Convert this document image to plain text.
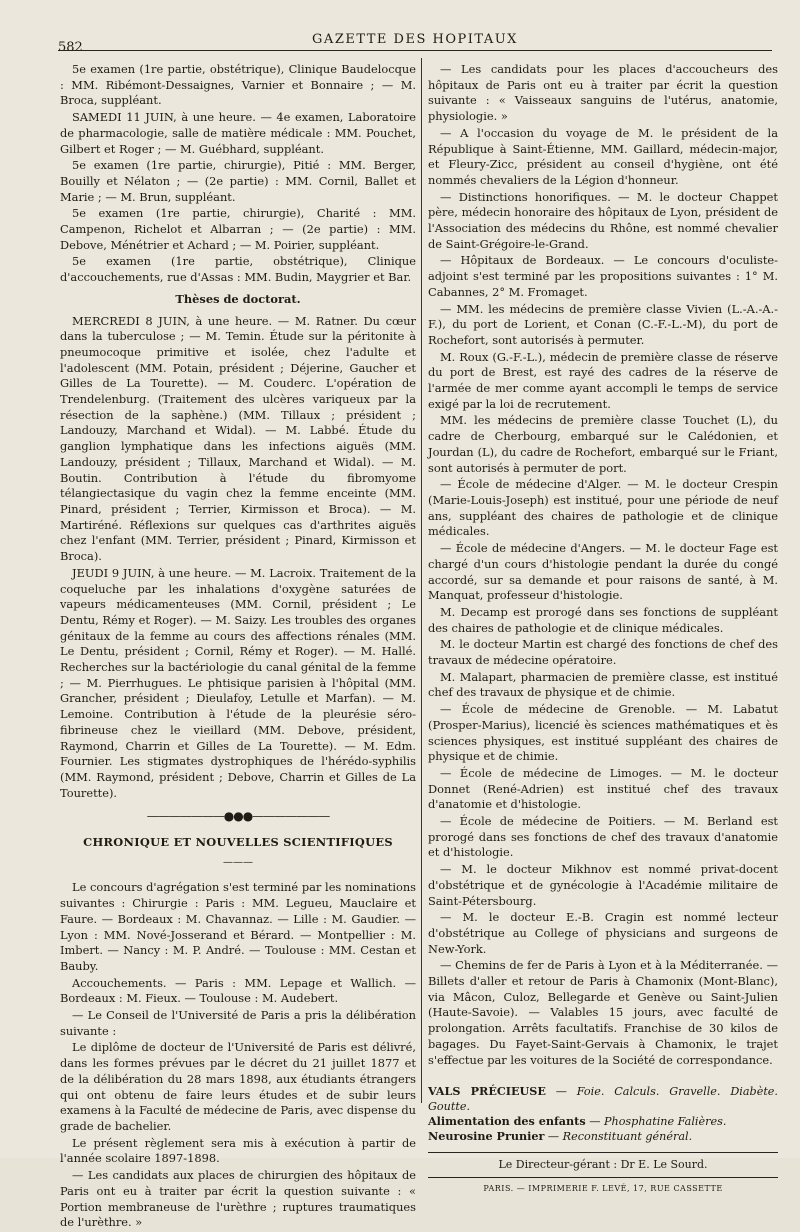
582
GAZETTE DES HOPITAUX

5e examen (1re partie, obstétrique), Clinique Baudelocque : MM. Ribémont-Dessaignes, Varnier et Bonnaire ; — M. Broca, suppléant.

SAMEDI 11 JUIN, à une heure. — 4e examen, Laboratoire de pharmacologie, salle de matière médicale : MM. Pouchet, Gilbert et Roger ; — M. Guébhard, suppléant.

5e examen (1re partie, chirurgie), Pitié : MM. Berger, Bouilly et Nélaton ; — (2e partie) : MM. Cornil, Ballet et Marie ; — M. Brun, suppléant.

5e examen (1re partie, chirurgie), Charité : MM. Campenon, Richelot et Albarran ; — (2e partie) : MM. Debove, Ménétrier et Achard ; — M. Poirier, suppléant.

5e examen (1re partie, obstétrique), Clinique d'accouchements, rue d'Assas : MM. Budin, Maygrier et Bar.

Thèses de doctorat.

MERCREDI 8 JUIN, à une heure. — M. Ratner. Du cœur dans la tuberculose ; — M. Temin. Étude sur la péritonite à pneumocoque primitive et isolée, chez l'adulte et l'adolescent (MM. Potain, président ; Déjerine, Gaucher et Gilles de La Tourette). — M. Couderc. L'opération de Trendelenburg. (Traitement des ulcères variqueux par la résection de la saphène.) (MM. Tillaux ; président ; Landouzy, Marchand et Widal). — M. Labbé. Étude du ganglion lymphatique dans les infections aiguës (MM. Landouzy, président ; Tillaux, Marchand et Widal). — M. Boutin. Contribution à l'étude du fibromyome télangiectasique du vagin chez la femme enceinte (MM. Pinard, président ; Terrier, Kirmisson et Broca). — M. Martiréné. Réflexions sur quelques cas d'arthrites aiguës chez l'enfant (MM. Terrier, président ; Pinard, Kirmisson et Broca).

JEUDI 9 JUIN, à une heure. — M. Lacroix. Traitement de la coqueluche par les inhalations d'oxygène saturées de vapeurs médicamenteuses (MM. Cornil, président ; Le Dentu, Rémy et Roger). — M. Saizy. Les troubles des organes génitaux de la femme au cours des affections rénales (MM. Le Dentu, président ; Cornil, Rémy et Roger). — M. Hallé. Recherches sur la bactériologie du canal génital de la femme ; — M. Pierrhugues. Le phtisique parisien à l'hôpital (MM. Grancher, président ; Dieulafoy, Letulle et Marfan). — M. Lemoine. Contribution à l'étude de la pleurésie séro-fibrineuse chez le vieillard (MM. Debove, président, Raymond, Charrin et Gilles de La Tourette). — M. Edm. Fournier. Les stigmates dystrophiques de l'hérédo-syphilis (MM. Raymond, président ; Debove, Charrin et Gilles de La Tourette).

———————●●●———————

CHRONIQUE ET NOUVELLES SCIENTIFIQUES

———

Le concours d'agrégation s'est terminé par les nominations suivantes : Chirurgie : Paris : MM. Legueu, Mauclaire et Faure. — Bordeaux : M. Chavannaz. — Lille : M. Gaudier. — Lyon : MM. Nové-Josserand et Bérard. — Montpellier : M. Imbert. — Nancy : M. P. André. — Toulouse : MM. Cestan et Bauby.

Accouchements. — Paris : MM. Lepage et Wallich. — Bordeaux : M. Fieux. — Toulouse : M. Audebert.

— Le Conseil de l'Université de Paris a pris la délibération suivante :

Le diplôme de docteur de l'Université de Paris est délivré, dans les formes prévues par le décret du 21 juillet 1877 et de la délibération du 28 mars 1898, aux étudiants étrangers qui ont obtenu de faire leurs études et de subir leurs examens à la Faculté de médecine de Paris, avec dispense du grade de bachelier.

Le présent règlement sera mis à exécution à partir de l'année scolaire 1897-1898.

— Les candidats aux places de chirurgien des hôpitaux de Paris ont eu à traiter par écrit la question suivante : « Portion membraneuse de l'urèthre ; ruptures traumatiques de l'urèthre. »

— Les candidats pour les places d'accoucheurs des hôpitaux de Paris ont eu à traiter par écrit la question suivante : « Vaisseaux sanguins de l'utérus, anatomie, physiologie. »

— A l'occasion du voyage de M. le président de la République à Saint-Étienne, MM. Gaillard, médecin-major, et Fleury-Zicc, président au conseil d'hygiène, ont été nommés chevaliers de la Légion d'honneur.

— Distinctions honorifiques. — M. le docteur Chappet père, médecin honoraire des hôpitaux de Lyon, président de l'Association des médecins du Rhône, est nommé chevalier de Saint-Grégoire-le-Grand.

— Hôpitaux de Bordeaux. — Le concours d'oculiste-adjoint s'est terminé par les propositions suivantes : 1° M. Cabannes, 2° M. Fromaget.

— MM. les médecins de première classe Vivien (L.-A.-A.-F.), du port de Lorient, et Conan (C.-F.-L.-M), du port de Rochefort, sont autorisés à permuter.

M. Roux (G.-F.-L.), médecin de première classe de réserve du port de Brest, est rayé des cadres de la réserve de l'armée de mer comme ayant accompli le temps de service exigé par la loi de recrutement.

MM. les médecins de première classe Touchet (L), du cadre de Cherbourg, embarqué sur le Calédonien, et Jourdan (L), du cadre de Rochefort, embarqué sur le Friant, sont autorisés à permuter de port.

— École de médecine d'Alger. — M. le docteur Crespin (Marie-Louis-Joseph) est institué, pour une période de neuf ans, suppléant des chaires de pathologie et de clinique médicales.

— École de médecine d'Angers. — M. le docteur Fage est chargé d'un cours d'histologie pendant la durée du congé accordé, sur sa demande et pour raisons de santé, à M. Manquat, professeur d'histologie.

M. Decamp est prorogé dans ses fonctions de suppléant des chaires de pathologie et de clinique médicales.

M. le docteur Martin est chargé des fonctions de chef des travaux de médecine opératoire.

M. Malapart, pharmacien de première classe, est institué chef des travaux de physique et de chimie.

— École de médecine de Grenoble. — M. Labatut (Prosper-Marius), licencié ès sciences mathématiques et ès sciences physiques, est institué suppléant des chaires de physique et de chimie.

— École de médecine de Limoges. — M. le docteur Donnet (René-Adrien) est institué chef des travaux d'anatomie et d'histologie.

— École de médecine de Poitiers. — M. Berland est prorogé dans ses fonctions de chef des travaux d'anatomie et d'histologie.

— M. le docteur Mikhnov est nommé privat-docent d'obstétrique et de gynécologie à l'Académie militaire de Saint-Pétersbourg.

— M. le docteur E.-B. Cragin est nommé lecteur d'obstétrique au College of physicians and surgeons de New-York.

— Chemins de fer de Paris à Lyon et à la Méditerranée. — Billets d'aller et retour de Paris à Chamonix (Mont-Blanc), via Mâcon, Culoz, Bellegarde et Genève ou Saint-Julien (Haute-Savoie). — Valables 15 jours, avec faculté de prolongation. Arrêts facultatifs. Franchise de 30 kilos de bagages. Du Fayet-Saint-Gervais à Chamonix, le trajet s'effectue par les voitures de la Société de correspondance.

VALS PRÉCIEUSE — Foie. Calculs. Gravelle. Diabète. Goutte.
Alimentation des enfants — Phosphatine Falières.
Neurosine Prunier — Reconstituant général.

Le Directeur-gérant : Dr E. Le Sourd.

PARIS. — IMPRIMERIE F. LEVÉ, 17, RUE CASSETTE
